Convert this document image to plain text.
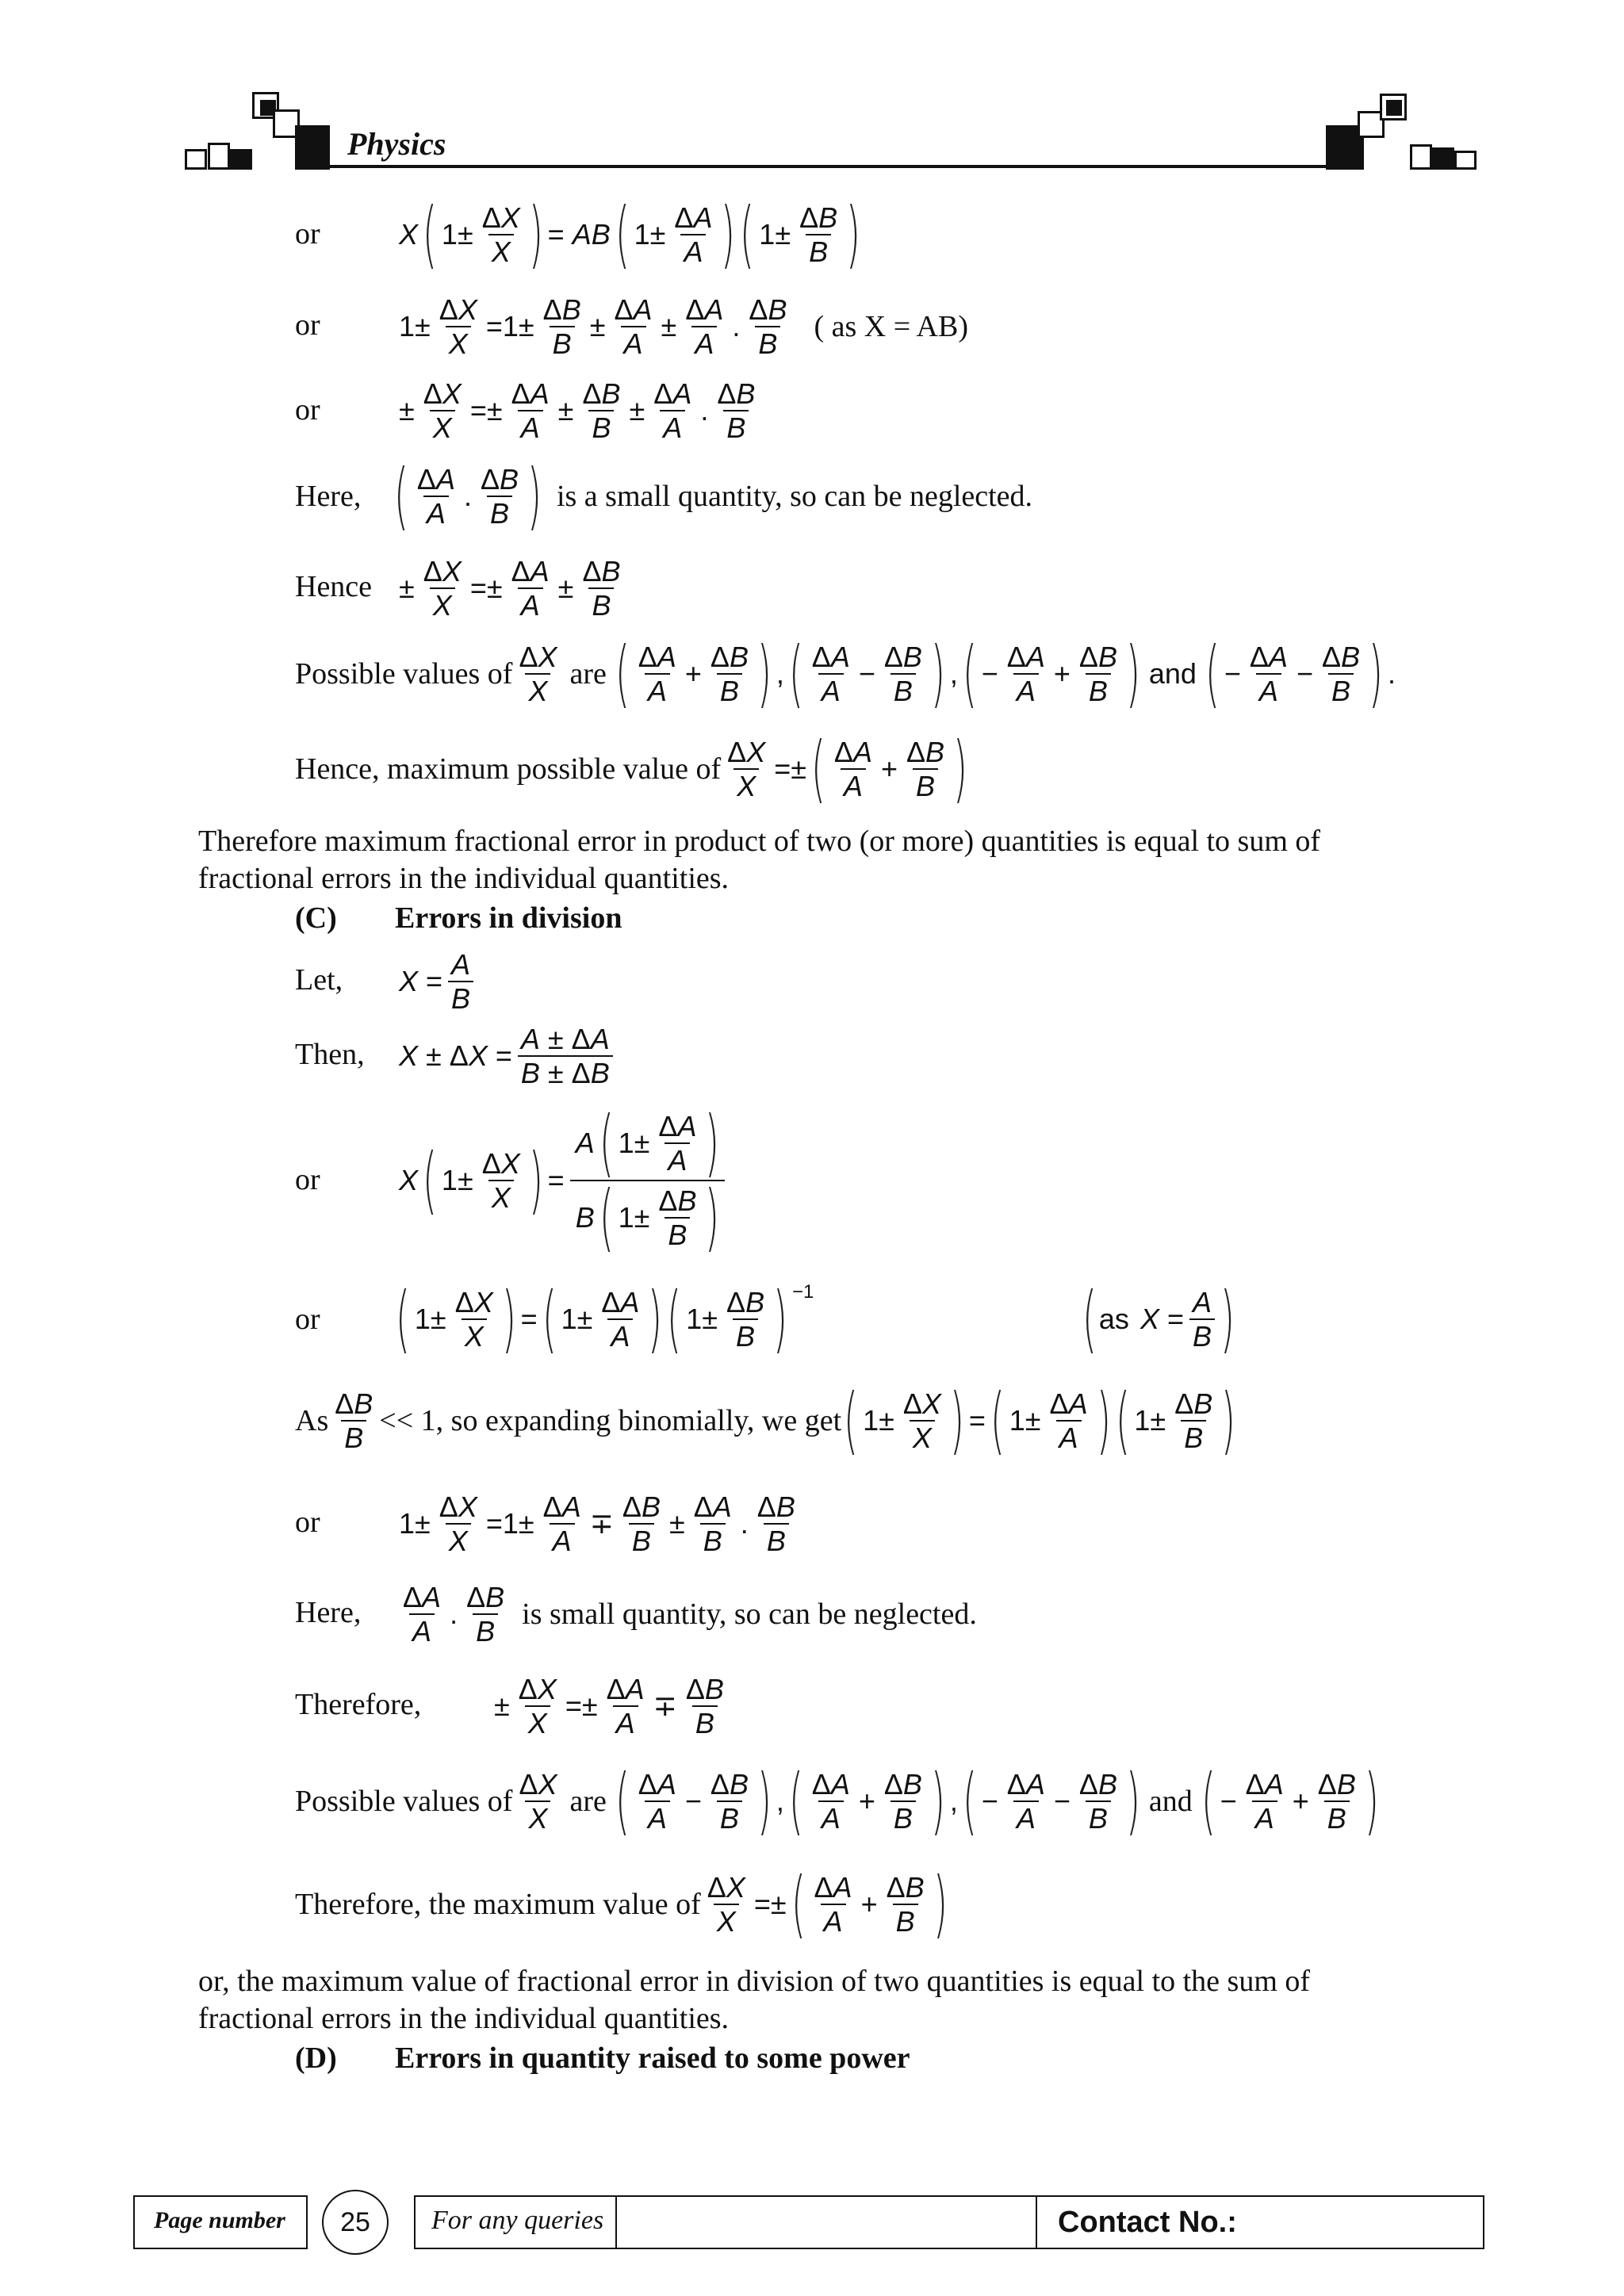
Physics
or	X ( $1\pm \frac{\Delta X}{X}$ ) = AB ( $1\pm \frac{\Delta A}{A}$ ) ( $1\pm \frac{\Delta B}{B}$ )
or	$1\pm \frac{\Delta X}{X} =1\pm \frac{\Delta B}{B} \pm \frac{\Delta A}{A} \pm \frac{\Delta A}{A}$ . $\frac{\Delta B}{B}$ ( as X = AB)
or	± $\frac{\Delta X}{X} =\pm \frac{\Delta A}{A} \pm \frac{\Delta B}{B} \pm \frac{\Delta A}{A}$ . $\frac{\Delta B}{B}$
Here, ( $\frac{\Delta A}{A}$ . $\frac{\Delta B}{B}$ ) is a small quantity, so can be neglected.
Hence ± $\frac{\Delta X}{X} =\pm \frac{\Delta A}{A} \pm \frac{\Delta B}{B}$
Possible values of $\frac{\Delta X}{X}$ are ( $\frac{\Delta A}{A} + \frac{\Delta B}{B}$ ) , ( $\frac{\Delta A}{A} - \frac{\Delta B}{B}$ ) , ( − $\frac{\Delta A}{A} + \frac{\Delta B}{B}$ ) and ( − $\frac{\Delta A}{A} - \frac{\Delta B}{B}$ ) .
Hence, maximum possible value of $\frac{\Delta X}{X}$ =± ( $\frac{\Delta A}{A} + \frac{\Delta B}{B}$ )
Therefore maximum fractional error in product of two (or more) quantities is equal to sum of
fractional errors in the individual quantities.
(C) Errors in division
Let, $X = \frac{A}{B}$
Then, $X \pm \Delta X = \frac{A \pm \Delta A}{B \pm \Delta B}$
or	X ( $1\pm \frac{\Delta X}{X}$ ) = $\frac{A ( 1\pm \frac{\Delta A}{A} )}{B ( 1\pm \frac{\Delta B}{B} )}$
or ( $1\pm \frac{\Delta X}{X}$ ) = ( $1\pm \frac{\Delta A}{A}$ ) ( $1\pm \frac{\Delta B}{B}$ ) −1	( as $X = \frac{A}{B}$ )
As $\frac{\Delta B}{B} << 1$, so expanding binomially, we get ( $1\pm \frac{\Delta X}{X}$ ) = ( $1\pm \frac{\Delta A}{A}$ ) ( $1\pm \frac{\Delta B}{B}$ )
or	$1\pm \frac{\Delta X}{X} =1\pm \frac{\Delta A}{A} \mp \frac{\Delta B}{B} \pm \frac{\Delta A}{B}$ . $\frac{\Delta B}{B}$
Here, $\frac{\Delta A}{A}$ . $\frac{\Delta B}{B}$ is small quantity, so can be neglected.
Therefore,	± $\frac{\Delta X}{X} =\pm \frac{\Delta A}{A} \mp \frac{\Delta B}{B}$
Possible values of $\frac{\Delta X}{X}$ are ( $\frac{\Delta A}{A} - \frac{\Delta B}{B}$ ) , ( $\frac{\Delta A}{A} + \frac{\Delta B}{B}$ ) , ( − $\frac{\Delta A}{A} - \frac{\Delta B}{B}$ ) and ( − $\frac{\Delta A}{A} + \frac{\Delta B}{B}$ )
Therefore, the maximum value of $\frac{\Delta X}{X}$ =± ( $\frac{\Delta A}{A} + \frac{\Delta B}{B}$ )
or, the maximum value of fractional error in division of two quantities is equal to the sum of
fractional errors in the individual quantities.
(D) Errors in quantity raised to some power
Page number	25	For any queries	Contact No.:
